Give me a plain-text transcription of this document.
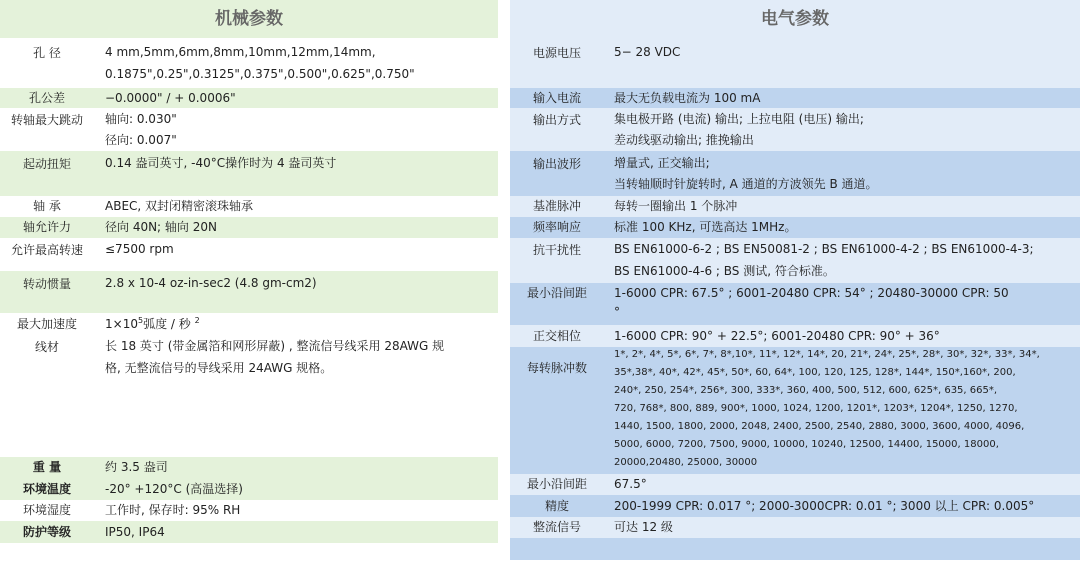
机械参数
孔 径	4 mm,5mm,6mm,8mm,10mm,12mm,14mm,
0.1875",0.25",0.3125",0.375",0.500",0.625",0.750"
孔公差	−0.0000" / + 0.0006"
转轴最大跳动	轴向: 0.030"
径向: 0.007"
起动扭矩	0.14 盎司英寸, -40°C操作时为 4 盎司英寸
轴 承	ABEC, 双封闭精密滚珠轴承
轴允许力	径向 40N; 轴向 20N
允许最高转速	≤7500 rpm
转动惯量	2.8 x 10-4 oz-in-sec2 (4.8 gm-cm2)
最大加速度	$1\times 10^5$弧度 / 秒 $^2$
线材	长 18 英寸 (带金属箔和网形屏蔽) , 整流信号线采用 28AWG 规
格, 无整流信号的导线采用 24AWG 规格。
重 量	约 3.5 盎司
环境温度	-20° +120°C (高温选择)
环境湿度	工作时, 保存时: 95% RH
防护等级	IP50, IP64
电气参数
电源电压	5− 28 VDC
输入电流	最大无负载电流为 100 mA
输出方式	集电极开路 (电流) 输出; 上拉电阻 (电压) 输出;
差动线驱动输出; 推挽输出
输出波形	增量式, 正交输出;
当转轴顺时针旋转时, A 通道的方波领先 B 通道。
基准脉冲	每转一圈输出 1 个脉冲
频率响应	标准 100 KHz, 可选高达 1MHz。
抗干扰性	BS EN61000-6-2 ; BS EN50081-2 ; BS EN61000-4-2 ; BS EN61000-4-3;
BS EN61000-4-6 ; BS 测试, 符合标准。
最小沿间距	1-6000 CPR: 67.5° ; 6001-20480 CPR: 54° ; 20480-30000 CPR: 50
°
正交相位	1-6000 CPR: 90° + 22.5°; 6001-20480 CPR: 90° + 36°
每转脉冲数
1*, 2*, 4*, 5*, 6*, 7*, 8*,10*, 11*, 12*, 14*, 20, 21*, 24*, 25*, 28*, 30*, 32*, 33*, 34*,
35*,38*, 40*, 42*, 45*, 50*, 60, 64*, 100, 120, 125, 128*, 144*, 150*,160*, 200,
240*, 250, 254*, 256*, 300, 333*, 360, 400, 500, 512, 600, 625*, 635, 665*,
720, 768*, 800, 889, 900*, 1000, 1024, 1200, 1201*, 1203*, 1204*, 1250, 1270,
1440, 1500, 1800, 2000, 2048, 2400, 2500, 2540, 2880, 3000, 3600, 4000, 4096,
5000, 6000, 7200, 7500, 9000, 10000, 10240, 12500, 14400, 15000, 18000,
20000,20480, 25000, 30000
最小沿间距	67.5°
精度	200-1999 CPR: 0.017 °; 2000-3000CPR: 0.01 °; 3000 以上 CPR: 0.005°
整流信号	可达 12 级
